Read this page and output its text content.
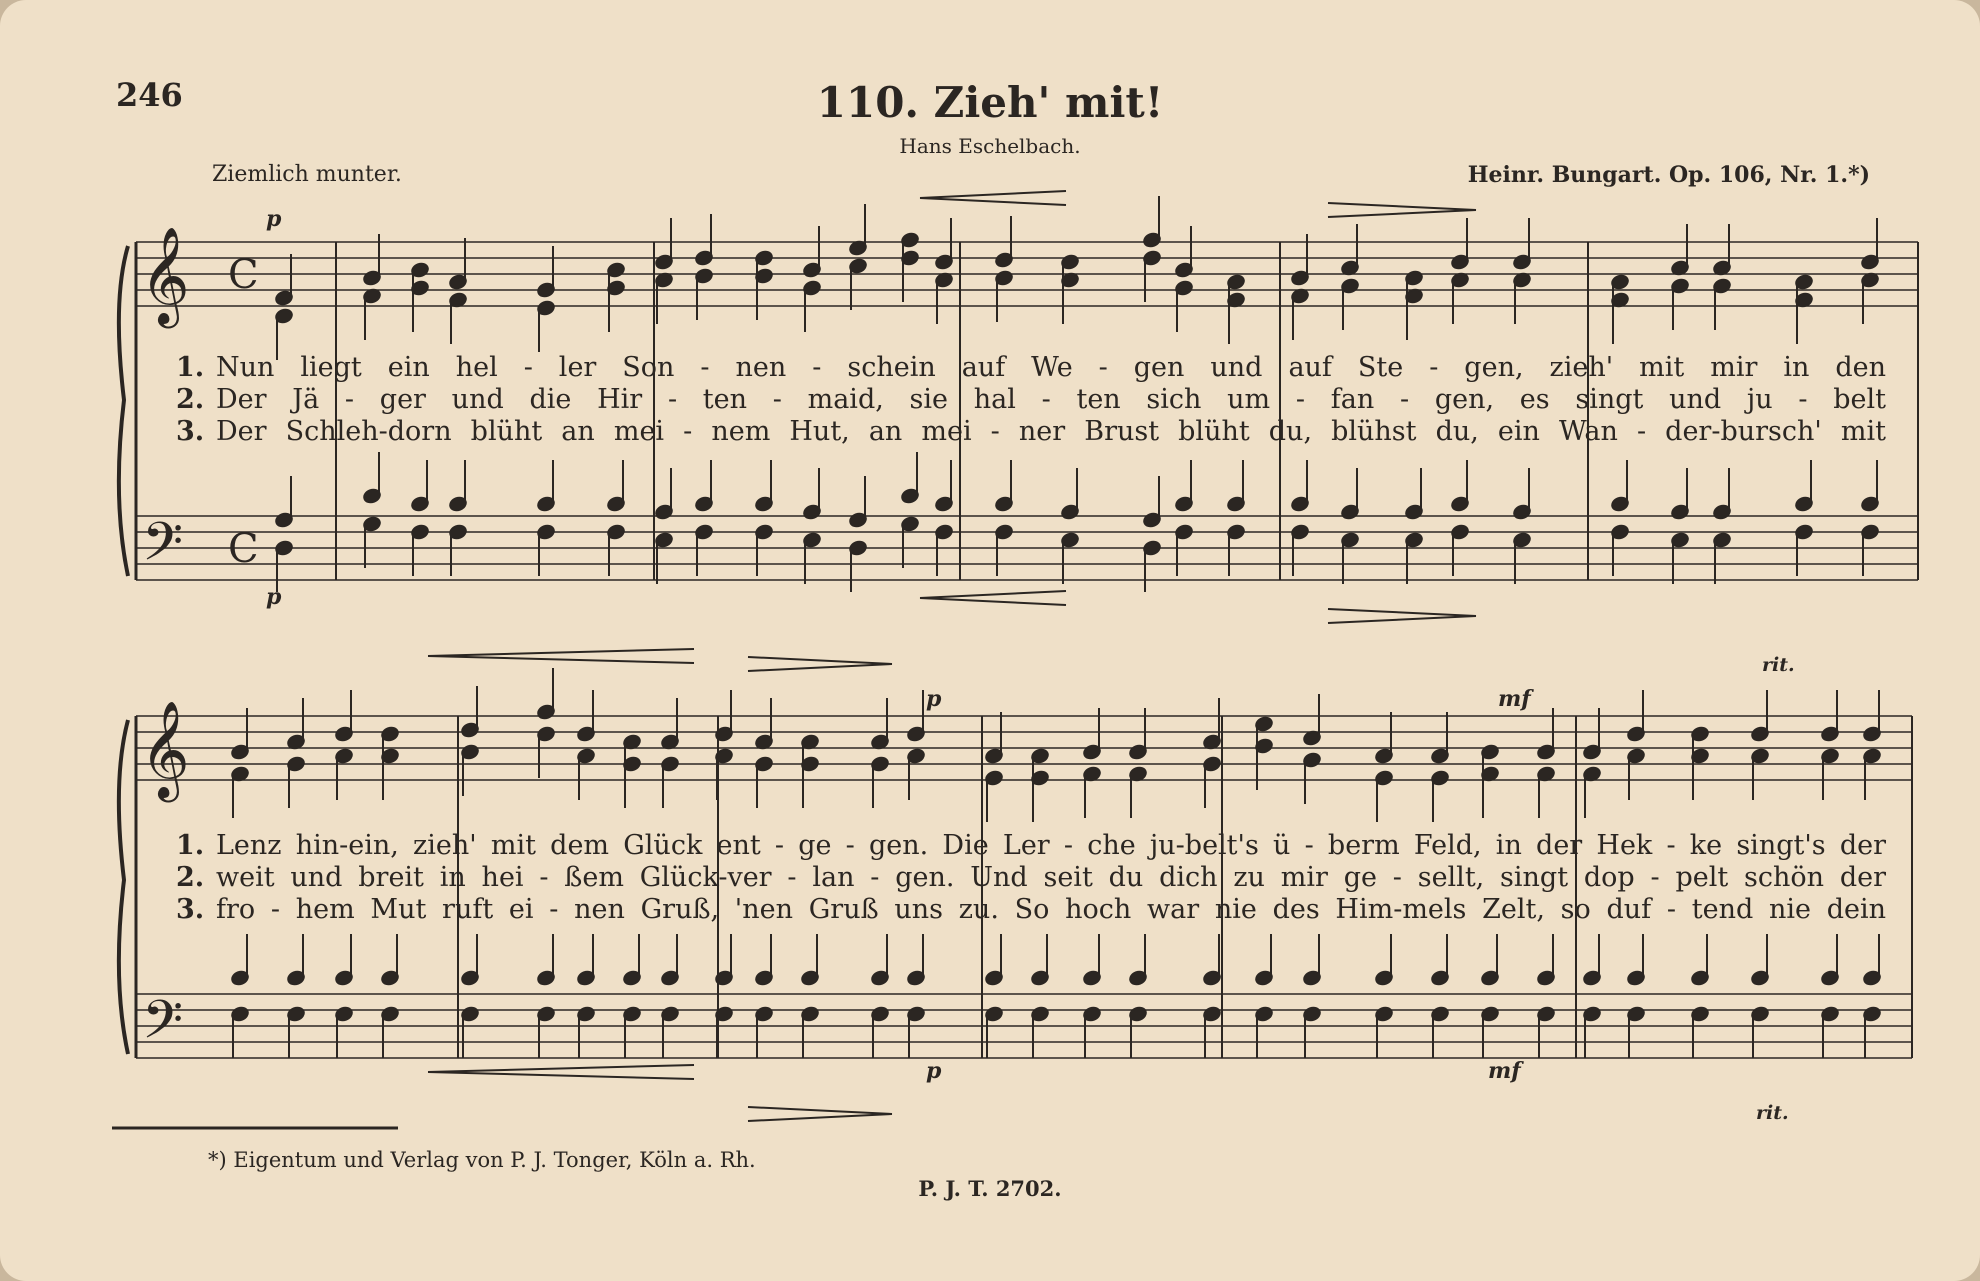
246	110. Zieh' mit!
Hans Eschelbach.
Ziemlich munter.	Heinr. Bungart. Op. 106, Nr. 1.*)
𝄞
𝄢
C
C
𝄞
𝄢
p
p
p
p
mf
mf
rit.
rit.
1. Nun liegt ein hel - ler Son - nen - schein auf We - gen und auf Ste - gen, zieh' mit mir in den
2. Der Jä - ger und die Hir - ten - maid, sie hal - ten sich um - fan - gen, es singt und ju - belt
3. Der Schleh-dorn blüht an mei - nem Hut, an mei - ner Brust blüht du, blühst du, ein Wan - der-bursch' mit
1. Lenz hin-ein, zieh' mit dem Glück ent - ge - gen. Die Ler - che ju-belt's ü - berm Feld, in der Hek - ke singt's der
2. weit und breit in hei - ßem Glück-ver - lan - gen. Und seit du dich zu mir ge - sellt, singt dop - pelt schön der
3. fro - hem Mut ruft ei - nen Gruß, 'nen Gruß uns zu. So hoch war nie des Him-mels Zelt, so duf - tend nie dein
*) Eigentum und Verlag von P. J. Tonger, Köln a. Rh.
P. J. T. 2702.
